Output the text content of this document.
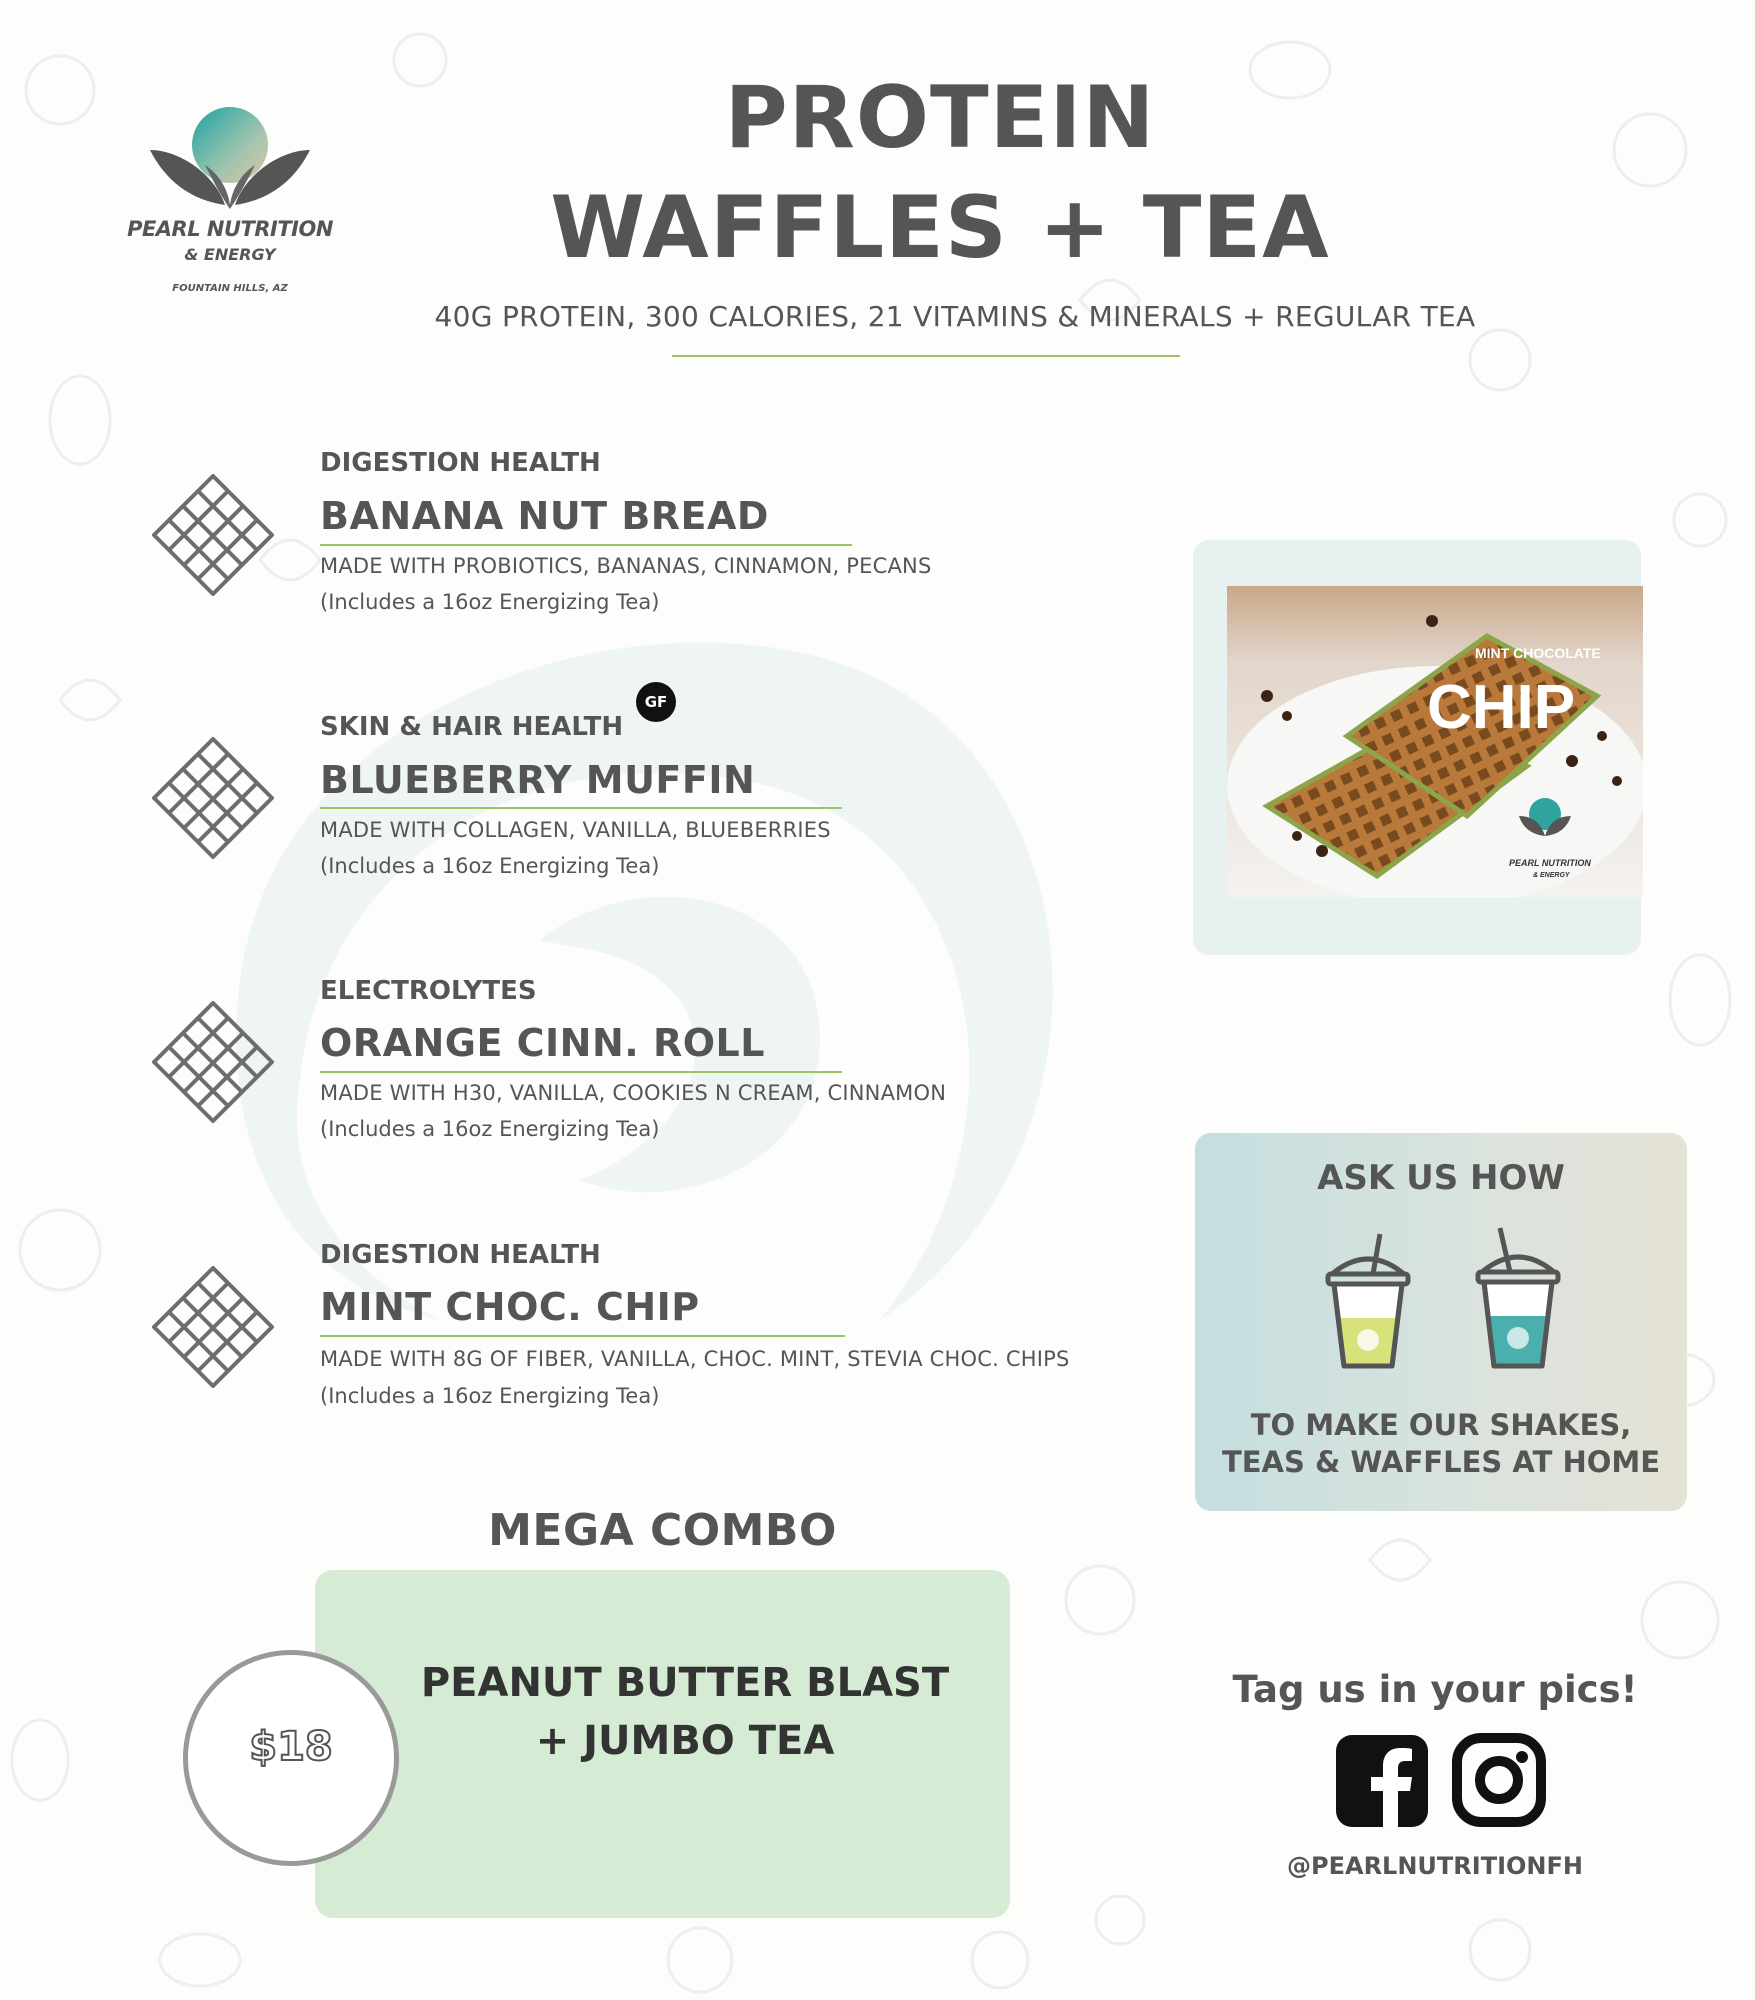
PEARL NUTRITION
& ENERGY
FOUNTAIN HILLS, AZ
PROTEIN
WAFFLES + TEA
40G PROTEIN, 300 CALORIES, 21 VITAMINS & MINERALS + REGULAR TEA
DIGESTION HEALTH
BANANA NUT BREAD
MADE WITH PROBIOTICS, BANANAS, CINNAMON, PECANS
(Includes a 16oz Energizing Tea)
GF
SKIN & HAIR HEALTH
BLUEBERRY MUFFIN
MADE WITH COLLAGEN, VANILLA, BLUEBERRIES
(Includes a 16oz Energizing Tea)
ELECTROLYTES
ORANGE CINN. ROLL
MADE WITH H30, VANILLA, COOKIES N CREAM, CINNAMON
(Includes a 16oz Energizing Tea)
DIGESTION HEALTH
MINT CHOC. CHIP
MADE WITH 8G OF FIBER, VANILLA, CHOC. MINT, STEVIA CHOC. CHIPS
(Includes a 16oz Energizing Tea)
MINT CHOCOLATE
CHIP
PEARL NUTRITION
& ENERGY
ASK US HOW
TO MAKE OUR SHAKES,
TEAS & WAFFLES AT HOME
MEGA COMBO
$18
PEANUT BUTTER BLAST
+ JUMBO TEA
Tag us in your pics!
@PEARLNUTRITIONFH
